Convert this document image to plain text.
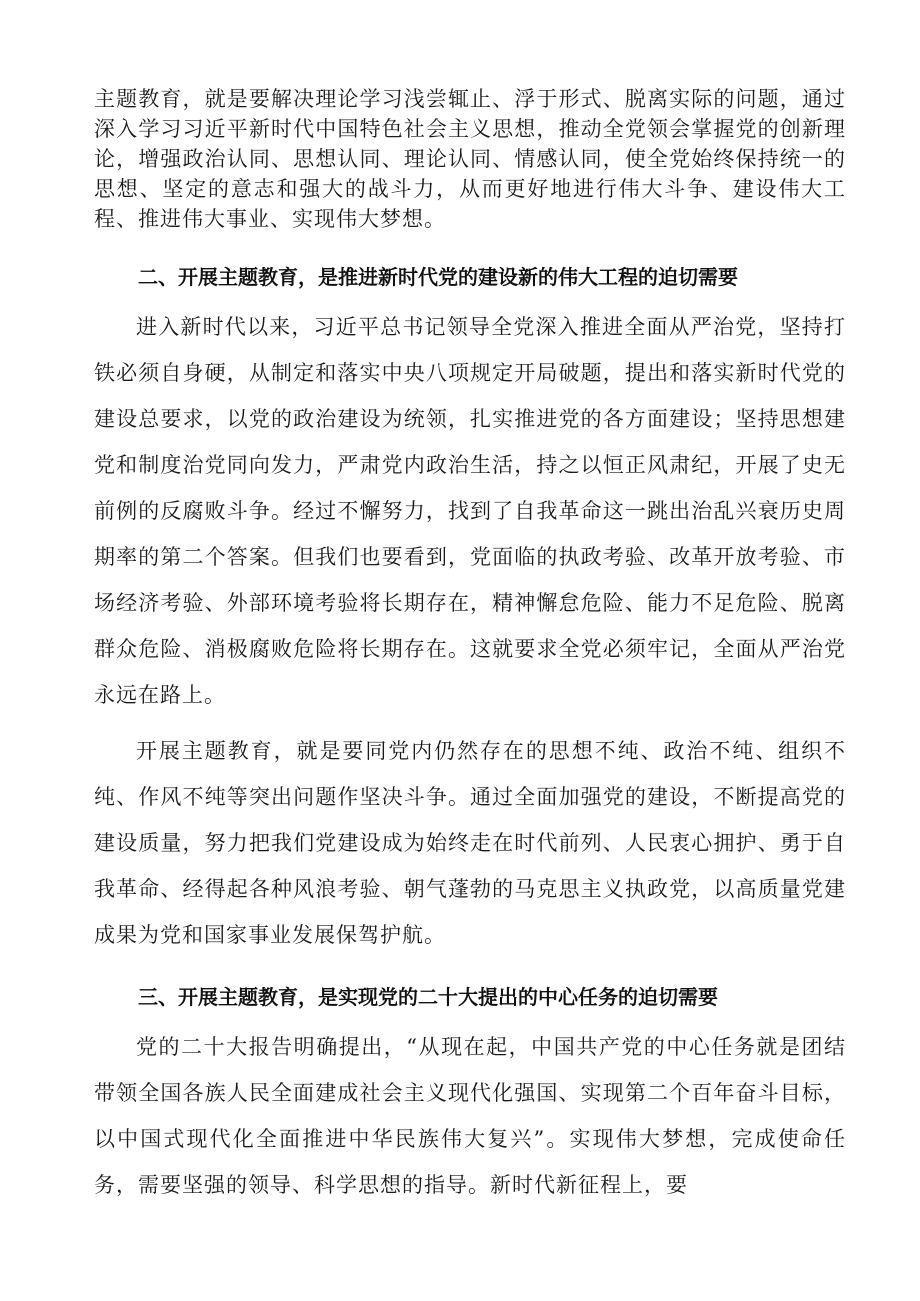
主题教育，就是要解决理论学习浅尝辄止、浮于形式、脱离实际的问题，通过深入学习习近平新时代中国特色社会主义思想，推动全党领会掌握党的创新理论，增强政治认同、思想认同、理论认同、情感认同，使全党始终保持统一的思想、坚定的意志和强大的战斗力，从而更好地进行伟大斗争、建设伟大工程、推进伟大事业、实现伟大梦想。

二、开展主题教育，是推进新时代党的建设新的伟大工程的迫切需要

进入新时代以来，习近平总书记领导全党深入推进全面从严治党，坚持打铁必须自身硬，从制定和落实中央八项规定开局破题，提出和落实新时代党的建设总要求，以党的政治建设为统领，扎实推进党的各方面建设；坚持思想建党和制度治党同向发力，严肃党内政治生活，持之以恒正风肃纪，开展了史无前例的反腐败斗争。经过不懈努力，找到了自我革命这一跳出治乱兴衰历史周期率的第二个答案。但我们也要看到，党面临的执政考验、改革开放考验、市场经济考验、外部环境考验将长期存在，精神懈怠危险、能力不足危险、脱离群众危险、消极腐败危险将长期存在。这就要求全党必须牢记，全面从严治党永远在路上。

开展主题教育，就是要同党内仍然存在的思想不纯、政治不纯、组织不纯、作风不纯等突出问题作坚决斗争。通过全面加强党的建设，不断提高党的建设质量，努力把我们党建设成为始终走在时代前列、人民衷心拥护、勇于自我革命、经得起各种风浪考验、朝气蓬勃的马克思主义执政党，以高质量党建成果为党和国家事业发展保驾护航。

三、开展主题教育，是实现党的二十大提出的中心任务的迫切需要

党的二十大报告明确提出，“从现在起，中国共产党的中心任务就是团结带领全国各族人民全面建成社会主义现代化强国、实现第二个百年奋斗目标，以中国式现代化全面推进中华民族伟大复兴”。实现伟大梦想，完成使命任务，需要坚强的领导、科学思想的指导。新时代新征程上，要
